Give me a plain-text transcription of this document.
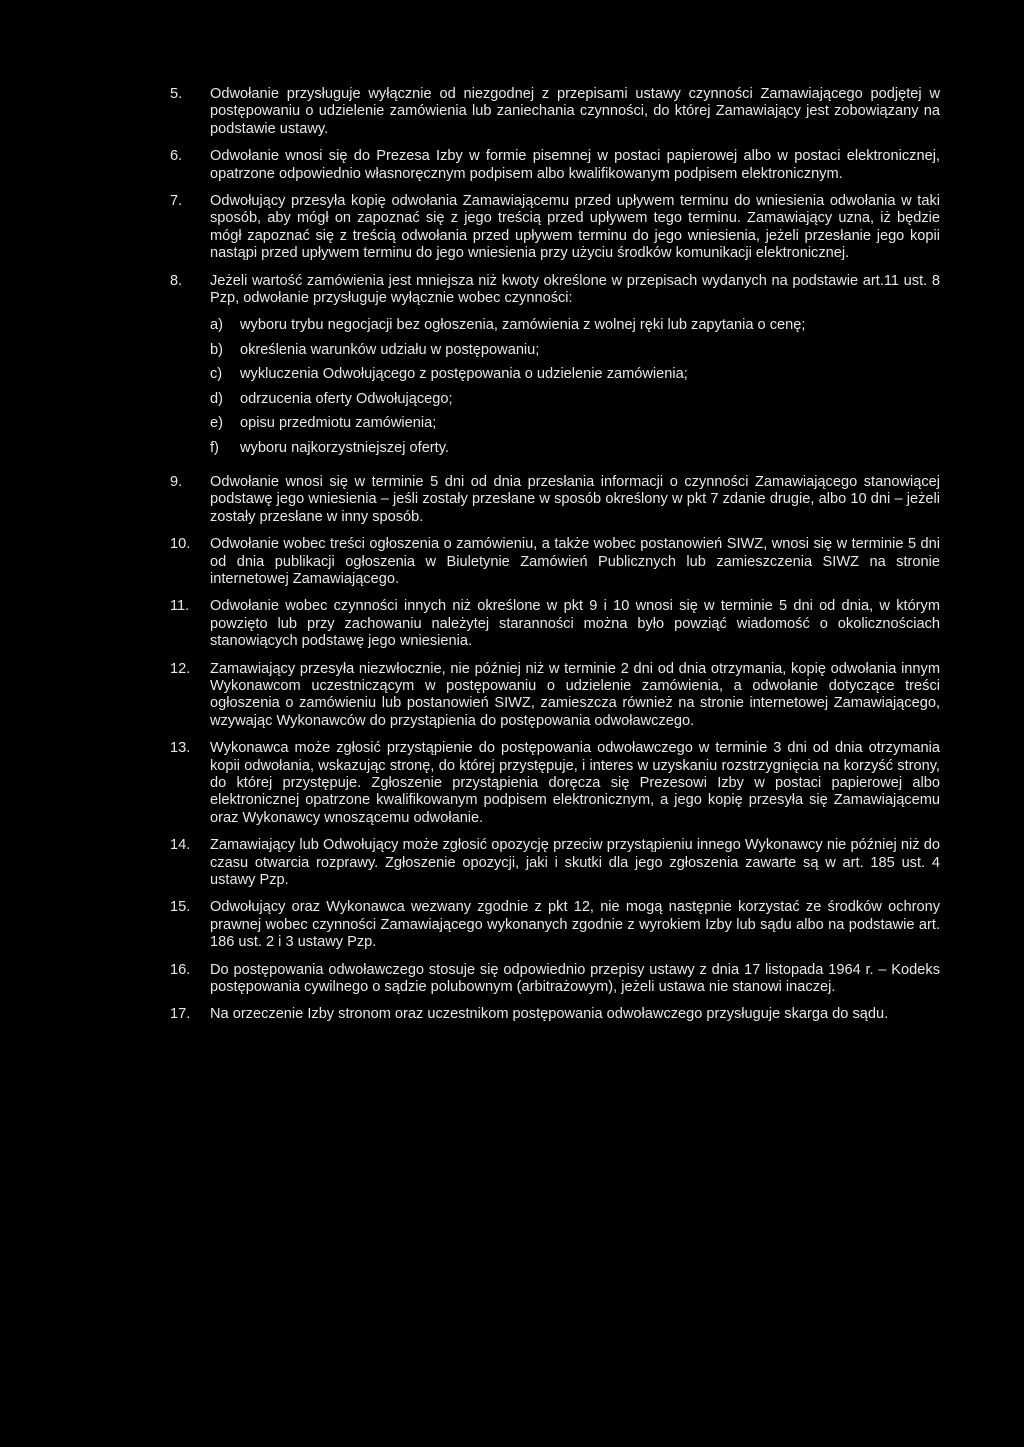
5.	Odwołanie przysługuje wyłącznie od niezgodnej z przepisami ustawy czynności Zamawiającego podjętej w postępowaniu o udzielenie zamówienia lub zaniechania czynności, do której Zamawiający jest zobowiązany na podstawie ustawy.
6.	Odwołanie wnosi się do Prezesa Izby w formie pisemnej w postaci papierowej albo w postaci elektronicznej, opatrzone odpowiednio własnoręcznym podpisem albo kwalifikowanym podpisem elektronicznym.
7.	Odwołujący przesyła kopię odwołania Zamawiającemu przed upływem terminu do wniesienia odwołania w taki sposób, aby mógł on zapoznać się z jego treścią przed upływem tego terminu. Zamawiający uzna, iż będzie mógł zapoznać się z treścią odwołania przed upływem terminu do jego wniesienia, jeżeli przesłanie jego kopii nastąpi przed upływem terminu do jego wniesienia przy użyciu środków komunikacji elektronicznej.
8.	Jeżeli wartość zamówienia jest mniejsza niż kwoty określone w przepisach wydanych na podstawie art.11 ust. 8 Pzp, odwołanie przysługuje wyłącznie wobec czynności:
a)	wyboru trybu negocjacji bez ogłoszenia, zamówienia z wolnej ręki lub zapytania o cenę;
b)	określenia warunków udziału w postępowaniu;
c)	wykluczenia Odwołującego z postępowania o udzielenie zamówienia;
d)	odrzucenia oferty Odwołującego;
e)	opisu przedmiotu zamówienia;
f)	wyboru najkorzystniejszej oferty.
9.	Odwołanie wnosi się w terminie 5 dni od dnia przesłania informacji o czynności Zamawiającego stanowiącej podstawę jego wniesienia – jeśli zostały przesłane w sposób określony w pkt 7 zdanie drugie, albo 10 dni – jeżeli zostały przesłane w inny sposób.
10.	Odwołanie wobec treści ogłoszenia o zamówieniu, a także wobec postanowień SIWZ, wnosi się w terminie 5 dni od dnia publikacji ogłoszenia w Biuletynie Zamówień Publicznych lub zamieszczenia SIWZ na stronie internetowej Zamawiającego.
11.	Odwołanie wobec czynności innych niż określone w pkt 9 i 10 wnosi się w terminie 5 dni od dnia, w którym powzięto lub przy zachowaniu należytej staranności można było powziąć wiadomość o okolicznościach stanowiących podstawę jego wniesienia.
12.	Zamawiający przesyła niezwłocznie, nie później niż w terminie 2 dni od dnia otrzymania, kopię odwołania innym Wykonawcom uczestniczącym w postępowaniu o udzielenie zamówienia, a odwołanie dotyczące treści ogłoszenia o zamówieniu lub postanowień SIWZ, zamieszcza również na stronie internetowej Zamawiającego, wzywając Wykonawców do przystąpienia do postępowania odwoławczego.
13.	Wykonawca może zgłosić przystąpienie do postępowania odwoławczego w terminie 3 dni od dnia otrzymania kopii odwołania, wskazując stronę, do której przystępuje, i interes w uzyskaniu rozstrzygnięcia na korzyść strony, do której przystępuje. Zgłoszenie przystąpienia doręcza się Prezesowi Izby w postaci papierowej albo elektronicznej opatrzone kwalifikowanym podpisem elektronicznym, a jego kopię przesyła się Zamawiającemu oraz Wykonawcy wnoszącemu odwołanie.
14.	Zamawiający lub Odwołujący może zgłosić opozycję przeciw przystąpieniu innego Wykonawcy nie później niż do czasu otwarcia rozprawy. Zgłoszenie opozycji, jaki i skutki dla jego zgłoszenia zawarte są w art. 185 ust. 4 ustawy Pzp.
15.	Odwołujący oraz Wykonawca wezwany zgodnie z pkt 12, nie mogą następnie korzystać ze środków ochrony prawnej wobec czynności Zamawiającego wykonanych zgodnie z wyrokiem Izby lub sądu albo na podstawie art. 186 ust. 2 i 3 ustawy Pzp.
16.	Do postępowania odwoławczego stosuje się odpowiednio przepisy ustawy z dnia 17 listopada 1964 r. – Kodeks postępowania cywilnego o sądzie polubownym (arbitrażowym), jeżeli ustawa nie stanowi inaczej.
17.	Na orzeczenie Izby stronom oraz uczestnikom postępowania odwoławczego przysługuje skarga do sądu.
